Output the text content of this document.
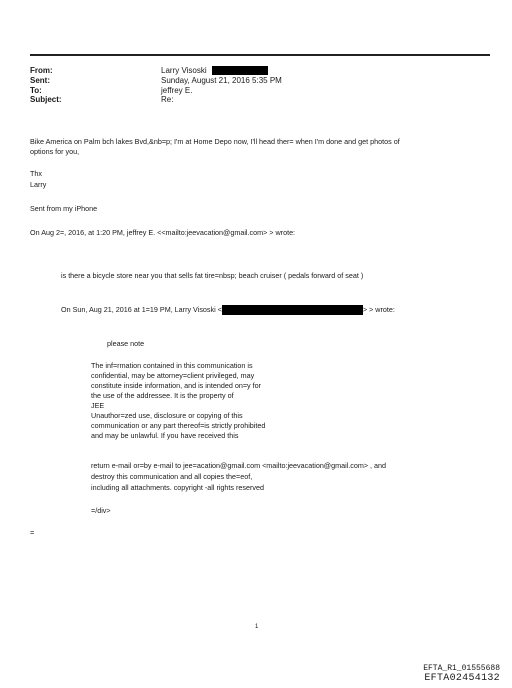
From:	Larry Visoski
Sent:	Sunday, August 21, 2016 5:35 PM
To:	jeffrey E.
Subject:	Re:
Bike America on Palm bch lakes Bvd,&nb=p; I'm at Home Depo now, I'll head ther= when I'm done and get photos of
options for you,
Thx
Larry
Sent from my iPhone
On Aug 2=, 2016, at 1:20 PM, jeffrey E. <<mailto:jeevacation@gmail.com> > wrote:
is there a bicycle store near you that sells fat tire=nbsp; beach cruiser ( pedals forward of seat )
On Sun, Aug 21, 2016 at 1=19 PM, Larry Visoski <	> > wrote:
please note
The inf=rmation contained in this communication is
confidential, may be attorney=client privileged, may
constitute inside information, and is intended on=y for
the use of the addressee. It is the property of
JEE
Unauthor=zed use, disclosure or copying of this
communication or any part thereof=is strictly prohibited
and may be unlawful. If you have received this
return e-mail or=by e-mail to jee=acation@gmail.com <mailto:jeevacation@gmail.com> , and
destroy this communication and all copies the=eof,
including all attachments. copyright -all rights reserved
=/div>
=
1
EFTA_R1_01555688
EFTA02454132
